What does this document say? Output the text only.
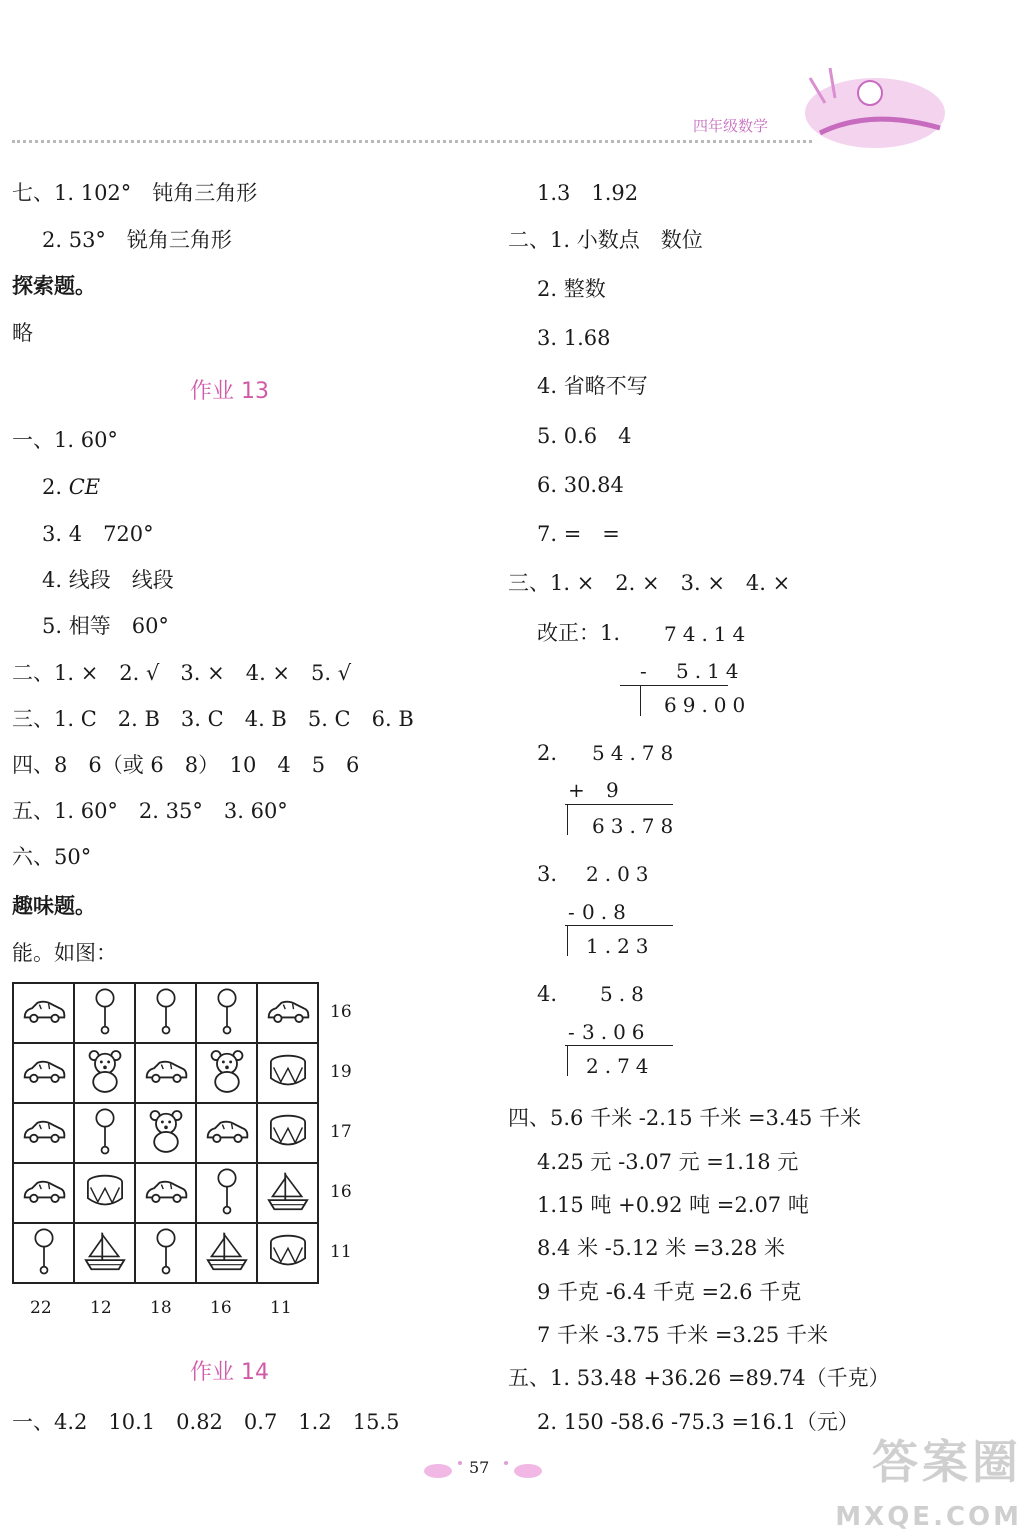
四年级数学
七、1. 102°　钝角三角形
2. 53°　锐角三角形
探索题。
略
作业 13
一、1. 60°
2. CE
3. 4　720°
4. 线段　线段
5. 相等　60°
二、1. ×　2. √　3. ×　4. ×　5. √
三、1. C　2. B　3. C　4. B　5. C　6. B
四、8　6（或 6　8）　10　4　5　6
五、1. 60°　2. 35°　3. 60°
六、50°
趣味题。
能。如图：

16
19
17
16
11
22 12 18 16 11
作业 14
一、4.2　10.1　0.82　0.7　1.2　15.5
1.3　1.92
二、1. 小数点　数位
2. 整数
3. 1.68
4. 省略不写
5. 0.6　4
6. 30.84
7. =　=
三、1. ×　2. ×　3. ×　4. ×
改正：1. 74.14
- 5.14
69.00
2. 54.78
+ 9
63.78
3. 2.03
- 0.8
1.23
4. 5.8
- 3.06
2.74
四、5.6 千米 -2.15 千米 =3.45 千米
4.25 元 -3.07 元 =1.18 元
1.15 吨 +0.92 吨 =2.07 吨
8.4 米 -5.12 米 =3.28 米
9 千克 -6.4 千克 =2.6 千克
7 千米 -3.75 千米 =3.25 千米
五、1. 53.48 +36.26 =89.74（千克）
2. 150 -58.6 -75.3 =16.1（元）
57	答案圈
MXQE.COM
